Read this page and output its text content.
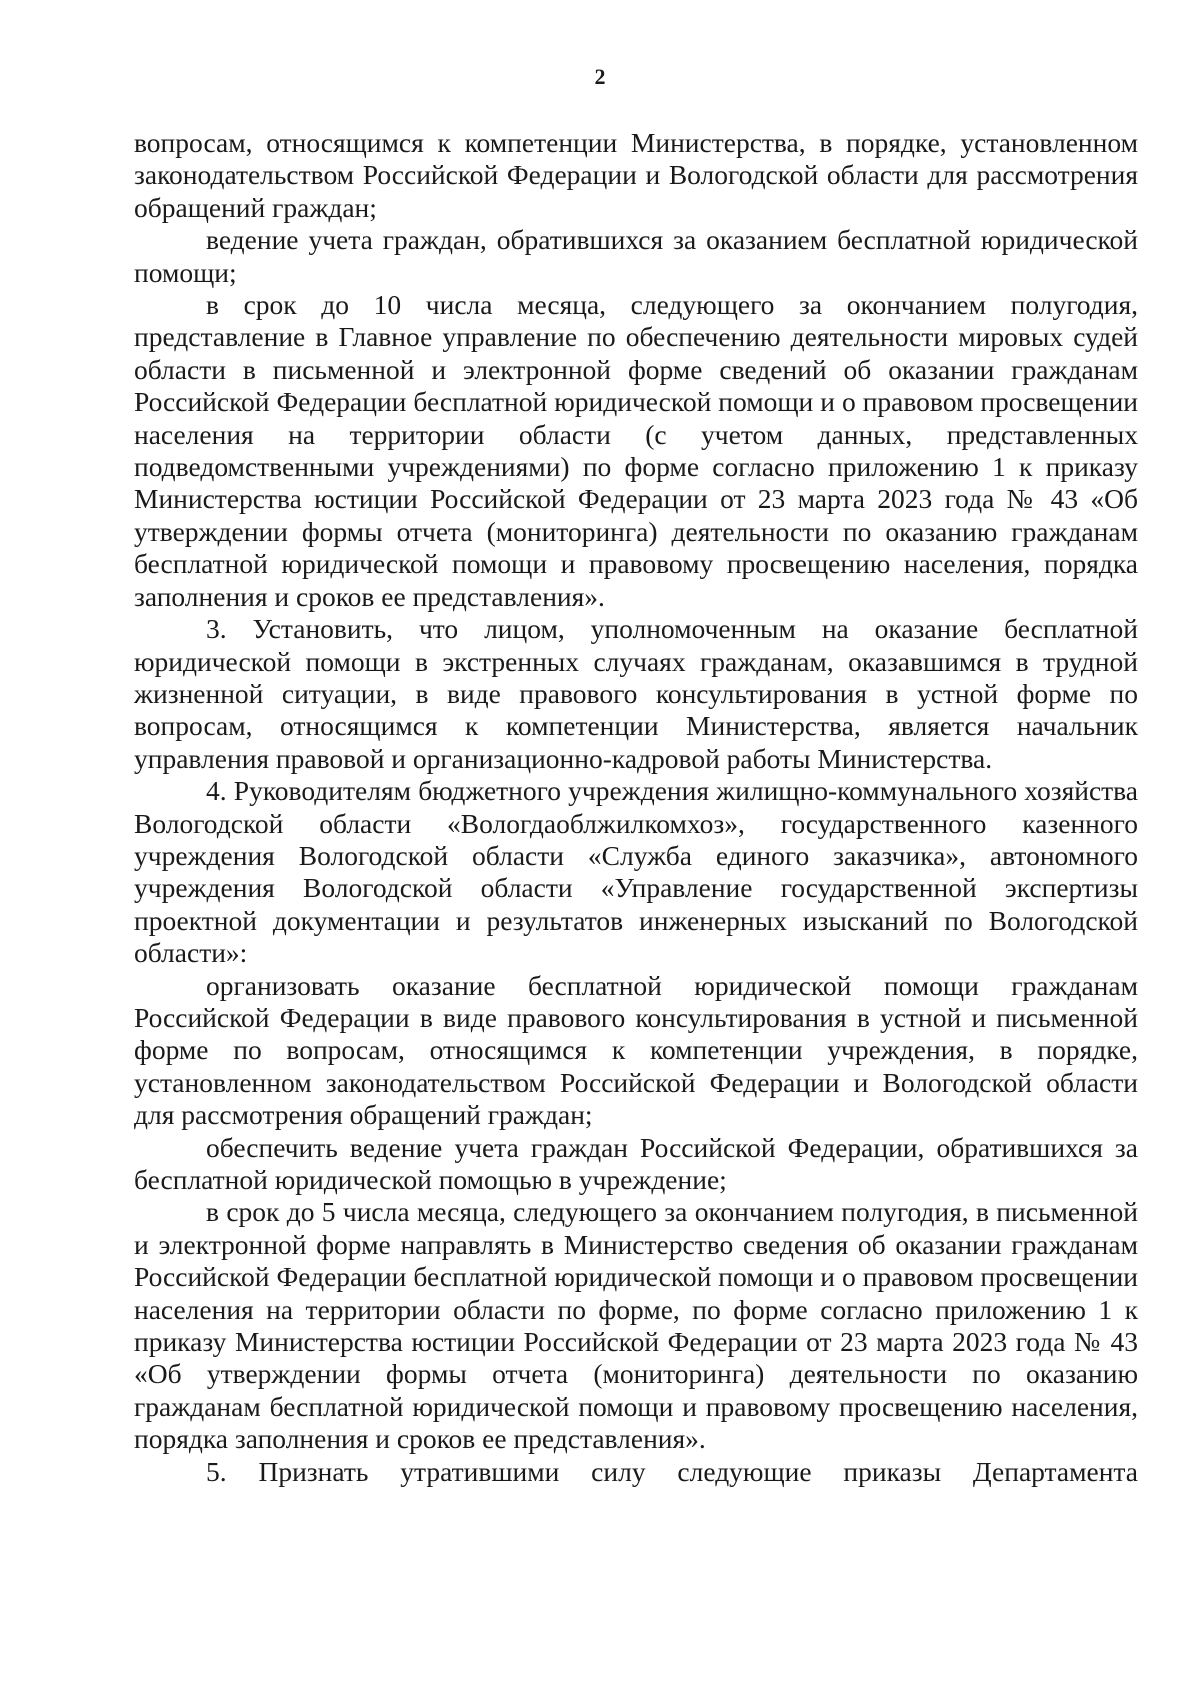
2

вопросам, относящимся к компетенции Министерства, в порядке, установленном законодательством Российской Федерации и Вологодской области для рассмотрения обращений граждан;

ведение учета граждан, обратившихся за оказанием бесплатной юридической помощи;

в срок до 10 числа месяца, следующего за окончанием полугодия, представление в Главное управление по обеспечению деятельности мировых судей области в письменной и электронной форме сведений об оказании гражданам Российской Федерации бесплатной юридической помощи и о правовом просвещении населения на территории области (с учетом данных, представленных подведомственными учреждениями) по форме согласно приложению 1 к приказу Министерства юстиции Российской Федерации от 23 марта 2023 года № 43 «Об утверждении формы отчета (мониторинга) деятельности по оказанию гражданам бесплатной юридической помощи и правовому просвещению населения, порядка заполнения и сроков ее представления».

3. Установить, что лицом, уполномоченным на оказание бесплатной юридической помощи в экстренных случаях гражданам, оказавшимся в трудной жизненной ситуации, в виде правового консультирования в устной форме по вопросам, относящимся к компетенции Министерства, является начальник управления правовой и организационно-кадровой работы Министерства.

4. Руководителям бюджетного учреждения жилищно-коммунального хозяйства Вологодской области «Вологдаоблжилкомхоз», государственного казенного учреждения Вологодской области «Служба единого заказчика», автономного учреждения Вологодской области «Управление государственной экспертизы проектной документации и результатов инженерных изысканий по Вологодской области»:

организовать оказание бесплатной юридической помощи гражданам Российской Федерации в виде правового консультирования в устной и письменной форме по вопросам, относящимся к компетенции учреждения, в порядке, установленном законодательством Российской Федерации и Вологодской области для рассмотрения обращений граждан;

обеспечить ведение учета граждан Российской Федерации, обратившихся за бесплатной юридической помощью в учреждение;

в срок до 5 числа месяца, следующего за окончанием полугодия, в письменной и электронной форме направлять в Министерство сведения об оказании гражданам Российской Федерации бесплатной юридической помощи и о правовом просвещении населения на территории области по форме, по форме согласно приложению 1 к приказу Министерства юстиции Российской Федерации от 23 марта 2023 года № 43 «Об утверждении формы отчета (мониторинга) деятельности по оказанию гражданам бесплатной юридической помощи и правовому просвещению населения, порядка заполнения и сроков ее представления».

5. Признать утратившими силу следующие приказы Департамента
